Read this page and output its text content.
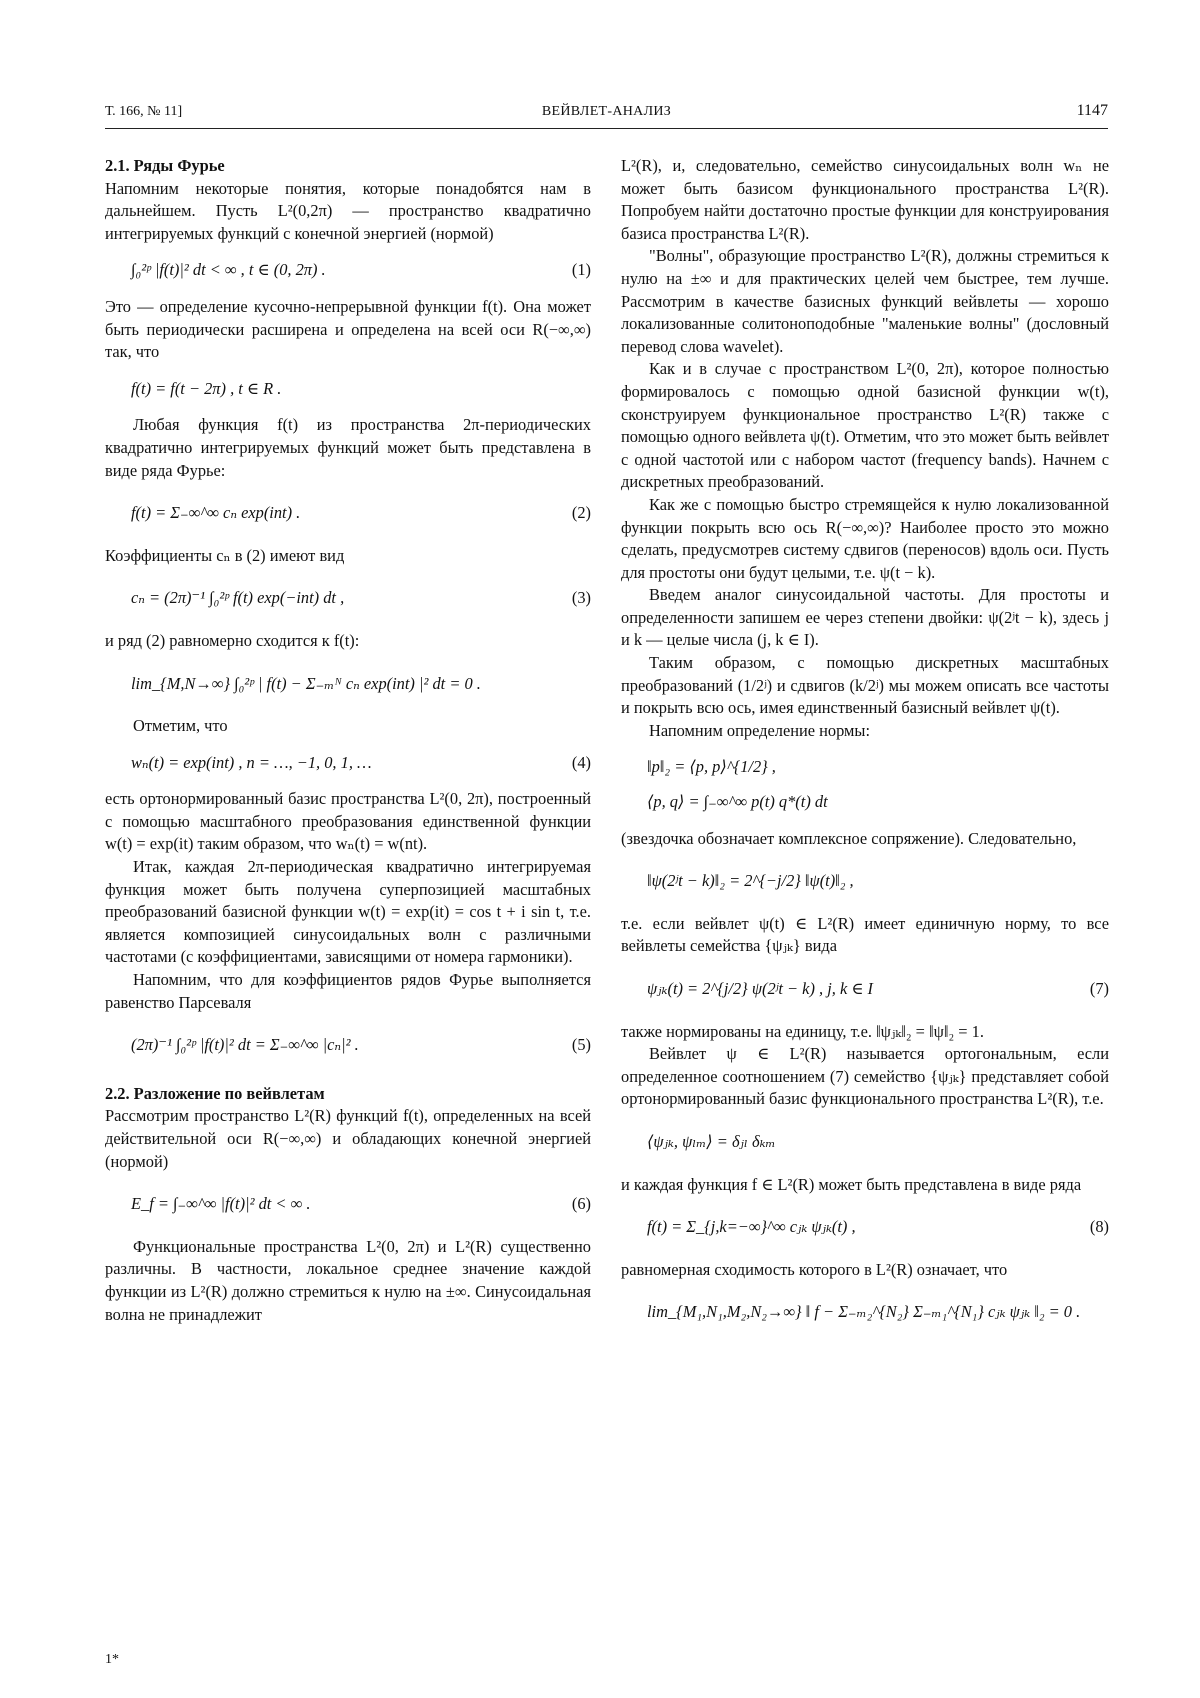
Т. 166, № 11]	ВЕЙВЛЕТ-АНАЛИЗ	1147
2.1. Ряды Фурье

Напомним некоторые понятия, которые понадобятся нам в дальнейшем. Пусть L²(0,2π) — пространство квадратично интегрируемых функций с конечной энергией (нормой)

∫₀²ᵖ |f(t)|² dt < ∞ , t ∈ (0, 2π) .	(1)

Это — определение кусочно-непрерывной функции f(t). Она может быть периодически расширена и определена на всей оси R(−∞,∞) так, что

f(t) = f(t − 2π) , t ∈ R .

Любая функция f(t) из пространства 2π-периодических квадратично интегрируемых функций может быть представлена в виде ряда Фурье:

f(t) = Σ₋∞^∞ cₙ exp(int) .	(2)

Коэффициенты cₙ в (2) имеют вид

cₙ = (2π)⁻¹ ∫₀²ᵖ f(t) exp(−int) dt ,	(3)

и ряд (2) равномерно сходится к f(t):

lim_{M,N→∞} ∫₀²ᵖ | f(t) − Σ₋ₘᴺ cₙ exp(int) |² dt = 0 .

Отметим, что

wₙ(t) = exp(int) , n = …, −1, 0, 1, …	(4)

есть ортонормированный базис пространства L²(0, 2π), построенный с помощью масштабного преобразования единственной функции w(t) = exp(it) таким образом, что wₙ(t) = w(nt).

Итак, каждая 2π-периодическая квадратично интегрируемая функция может быть получена суперпозицией масштабных преобразований базисной функции w(t) = exp(it) = cos t + i sin t, т.е. является композицией синусоидальных волн с различными частотами (с коэффициентами, зависящими от номера гармоники).

Напомним, что для коэффициентов рядов Фурье выполняется равенство Парсеваля

(2π)⁻¹ ∫₀²ᵖ |f(t)|² dt = Σ₋∞^∞ |cₙ|² .	(5)
2.2. Разложение по вейвлетам

Рассмотрим пространство L²(R) функций f(t), определенных на всей действительной оси R(−∞,∞) и обладающих конечной энергией (нормой)

E_f = ∫₋∞^∞ |f(t)|² dt < ∞ .	(6)

Функциональные пространства L²(0, 2π) и L²(R) существенно различны. В частности, локальное среднее значение каждой функции из L²(R) должно стремиться к нулю на ±∞. Синусоидальная волна не принадлежит

L²(R), и, следовательно, семейство синусоидальных волн wₙ не может быть базисом функционального пространства L²(R). Попробуем найти достаточно простые функции для конструирования базиса пространства L²(R).

"Волны", образующие пространство L²(R), должны стремиться к нулю на ±∞ и для практических целей чем быстрее, тем лучше. Рассмотрим в качестве базисных функций вейвлеты — хорошо локализованные солитоноподобные "маленькие волны" (дословный перевод слова wavelet).

Как и в случае с пространством L²(0, 2π), которое полностью формировалось с помощью одной базисной функции w(t), сконструируем функциональное пространство L²(R) также с помощью одного вейвлета ψ(t). Отметим, что это может быть вейвлет с одной частотой или с набором частот (frequency bands). Начнем с дискретных преобразований.

Как же с помощью быстро стремящейся к нулю локализованной функции покрыть всю ось R(−∞,∞)? Наиболее просто это можно сделать, предусмотрев систему сдвигов (переносов) вдоль оси. Пусть для простоты они будут целыми, т.е. ψ(t − k).

Введем аналог синусоидальной частоты. Для простоты и определенности запишем ее через степени двойки: ψ(2ʲt − k), здесь j и k — целые числа (j, k ∈ I).

Таким образом, с помощью дискретных масштабных преобразований (1/2ʲ) и сдвигов (k/2ʲ) мы можем описать все частоты и покрыть всю ось, имея единственный базисный вейвлет ψ(t).

Напомним определение нормы:

‖p‖₂ = ⟨p, p⟩^{1/2} ,
⟨p, q⟩ = ∫₋∞^∞ p(t) q*(t) dt

(звездочка обозначает комплексное сопряжение). Следовательно,

‖ψ(2ʲt − k)‖₂ = 2^{−j/2} ‖ψ(t)‖₂ ,

т.е. если вейвлет ψ(t) ∈ L²(R) имеет единичную норму, то все вейвлеты семейства {ψⱼₖ} вида

ψⱼₖ(t) = 2^{j/2} ψ(2ʲt − k) , j, k ∈ I	(7)

также нормированы на единицу, т.е. ‖ψⱼₖ‖₂ = ‖ψ‖₂ = 1.

Вейвлет ψ ∈ L²(R) называется ортогональным, если определенное соотношением (7) семейство {ψⱼₖ} представляет собой ортонормированный базис функционального пространства L²(R), т.е.

⟨ψⱼₖ, ψₗₘ⟩ = δⱼₗ δₖₘ

и каждая функция f ∈ L²(R) может быть представлена в виде ряда

f(t) = Σ_{j,k=−∞}^∞ cⱼₖ ψⱼₖ(t) ,	(8)

равномерная сходимость которого в L²(R) означает, что

lim_{M₁,N₁,M₂,N₂→∞} ‖ f − Σ₋ₘ₂^{N₂} Σ₋ₘ₁^{N₁} cⱼₖ ψⱼₖ ‖₂ = 0 .
1*
